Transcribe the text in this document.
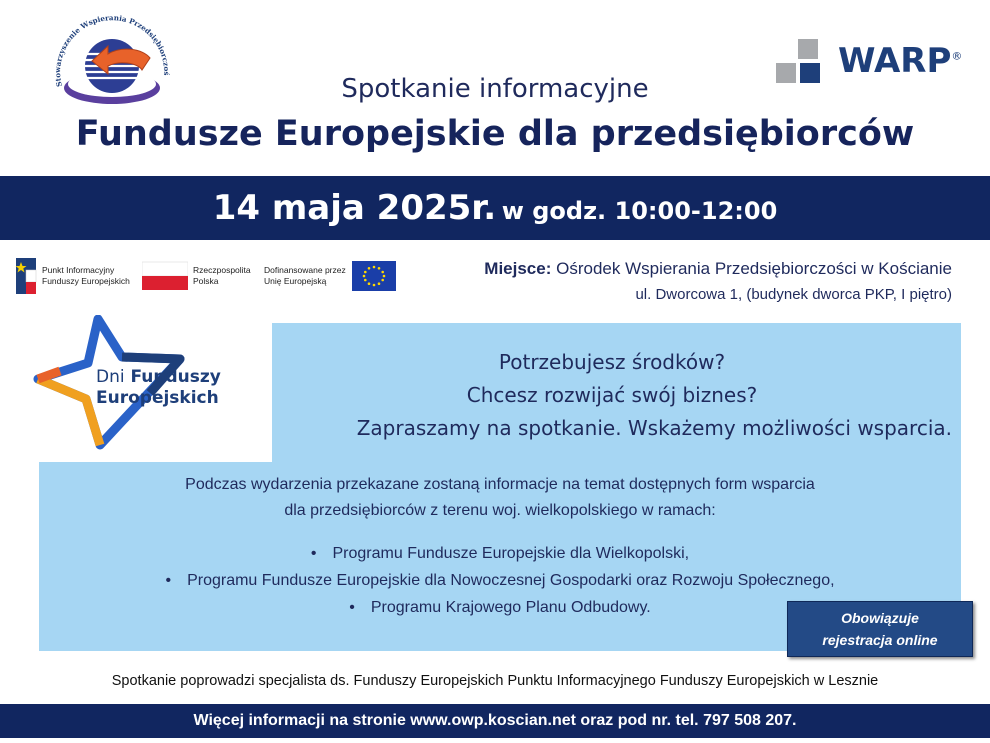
Stowarzyszenie Wspierania Przedsiębiorczoś	WARP®
Spotkanie informacyjne
Fundusze Europejskie dla przedsiębiorców
14 maja 2025r. w godz. 10:00-12:00
Punkt Informacyjny
Funduszy Europejskich
Rzeczpospolita
Polska
Dofinansowane przez
Unię Europejską
Miejsce: Ośrodek Wspierania Przedsiębiorczości w Kościanie
ul. Dworcowa 1, (budynek dworca PKP, I piętro)
Dni Funduszy
Europejskich
Potrzebujesz środków?
Chcesz rozwijać swój biznes?
Zapraszamy na spotkanie. Wskażemy możliwości wsparcia.
Podczas wydarzenia przekazane zostaną informacje na temat dostępnych form wsparcia
dla przedsiębiorców z terenu woj. wielkopolskiego w ramach:
• Programu Fundusze Europejskie dla Wielkopolski,
• Programu Fundusze Europejskie dla Nowoczesnej Gospodarki oraz Rozwoju Społecznego,
• Programu Krajowego Planu Odbudowy.
Obowiązuje
rejestracja online
Spotkanie poprowadzi specjalista ds. Funduszy Europejskich Punktu Informacyjnego Funduszy Europejskich w Lesznie
Więcej informacji na stronie www.owp.koscian.net oraz pod nr. tel. 797 508 207.
